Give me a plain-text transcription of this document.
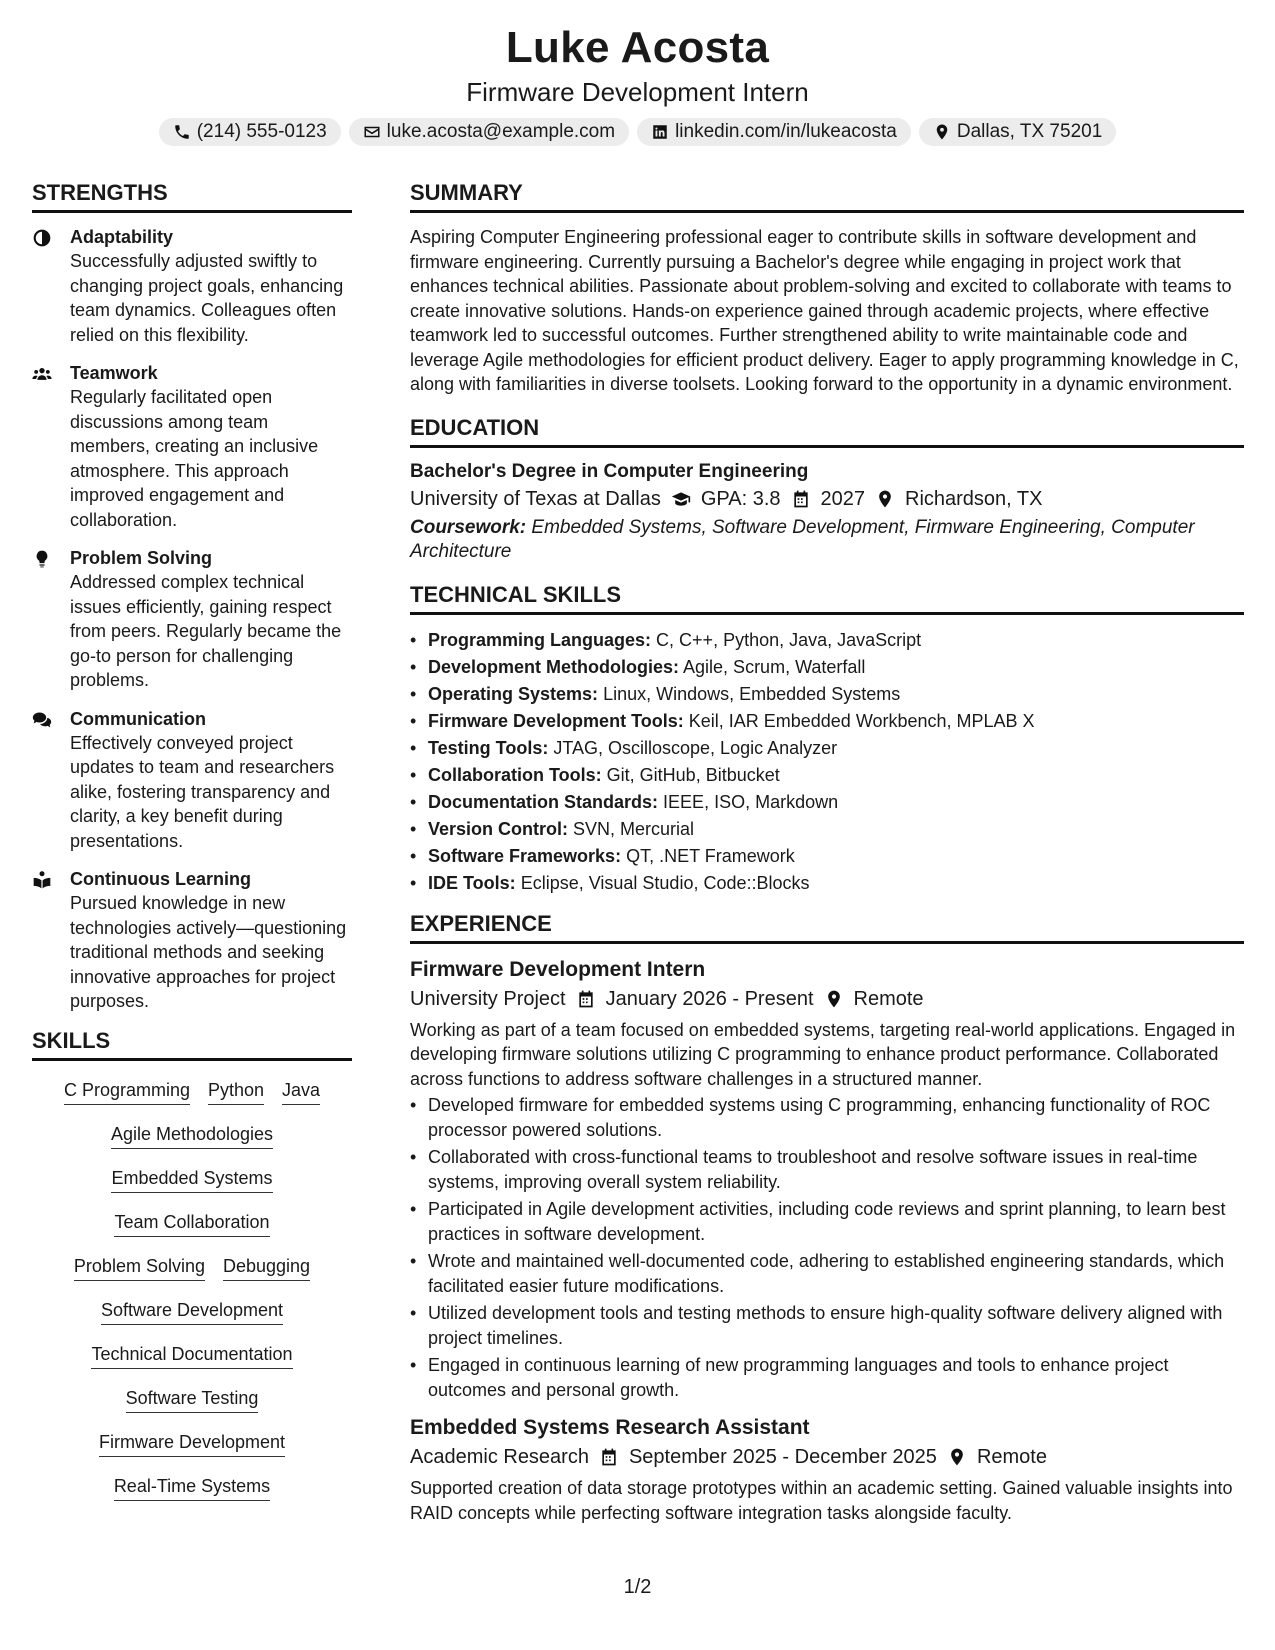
Luke Acosta
Firmware Development Intern
(214) 555-0123	luke.acosta@example.com	linkedin.com/in/lukeacosta	Dallas, TX 75201
STRENGTHS
Adaptability
Successfully adjusted swiftly to changing project goals, enhancing team dynamics. Colleagues often relied on this flexibility.
Teamwork
Regularly facilitated open discussions among team members, creating an inclusive atmosphere. This approach improved engagement and collaboration.
Problem Solving
Addressed complex technical issues efficiently, gaining respect from peers. Regularly became the go-to person for challenging problems.
Communication
Effectively conveyed project updates to team and researchers alike, fostering transparency and clarity, a key benefit during presentations.
Continuous Learning
Pursued knowledge in new technologies actively—questioning traditional methods and seeking innovative approaches for project purposes.
SKILLS
C Programming Python Java
Agile Methodologies
Embedded Systems
Team Collaboration
Problem Solving Debugging
Software Development
Technical Documentation
Software Testing
Firmware Development
Real-Time Systems
SUMMARY
Aspiring Computer Engineering professional eager to contribute skills in software development and firmware engineering. Currently pursuing a Bachelor's degree while engaging in project work that enhances technical abilities. Passionate about problem-solving and excited to collaborate with teams to create innovative solutions. Hands-on experience gained through academic projects, where effective teamwork led to successful outcomes. Further strengthened ability to write maintainable code and leverage Agile methodologies for efficient product delivery. Eager to apply programming knowledge in C, along with familiarities in diverse toolsets. Looking forward to the opportunity in a dynamic environment.
EDUCATION
Bachelor's Degree in Computer Engineering
University of Texas at Dallas GPA: 3.8 2027 Richardson, TX
Coursework: Embedded Systems, Software Development, Firmware Engineering, Computer Architecture
TECHNICAL SKILLS
• Programming Languages: C, C++, Python, Java, JavaScript
• Development Methodologies: Agile, Scrum, Waterfall
• Operating Systems: Linux, Windows, Embedded Systems
• Firmware Development Tools: Keil, IAR Embedded Workbench, MPLAB X
• Testing Tools: JTAG, Oscilloscope, Logic Analyzer
• Collaboration Tools: Git, GitHub, Bitbucket
• Documentation Standards: IEEE, ISO, Markdown
• Version Control: SVN, Mercurial
• Software Frameworks: QT, .NET Framework
• IDE Tools: Eclipse, Visual Studio, Code::Blocks
EXPERIENCE
Firmware Development Intern
University Project January 2026 - Present Remote
Working as part of a team focused on embedded systems, targeting real-world applications. Engaged in developing firmware solutions utilizing C programming to enhance product performance. Collaborated across functions to address software challenges in a structured manner.
• Developed firmware for embedded systems using C programming, enhancing functionality of ROC processor powered solutions.
• Collaborated with cross-functional teams to troubleshoot and resolve software issues in real-time systems, improving overall system reliability.
• Participated in Agile development activities, including code reviews and sprint planning, to learn best practices in software development.
• Wrote and maintained well-documented code, adhering to established engineering standards, which facilitated easier future modifications.
• Utilized development tools and testing methods to ensure high-quality software delivery aligned with project timelines.
• Engaged in continuous learning of new programming languages and tools to enhance project outcomes and personal growth.
Embedded Systems Research Assistant
Academic Research September 2025 - December 2025 Remote
Supported creation of data storage prototypes within an academic setting. Gained valuable insights into RAID concepts while perfecting software integration tasks alongside faculty.
1/2
